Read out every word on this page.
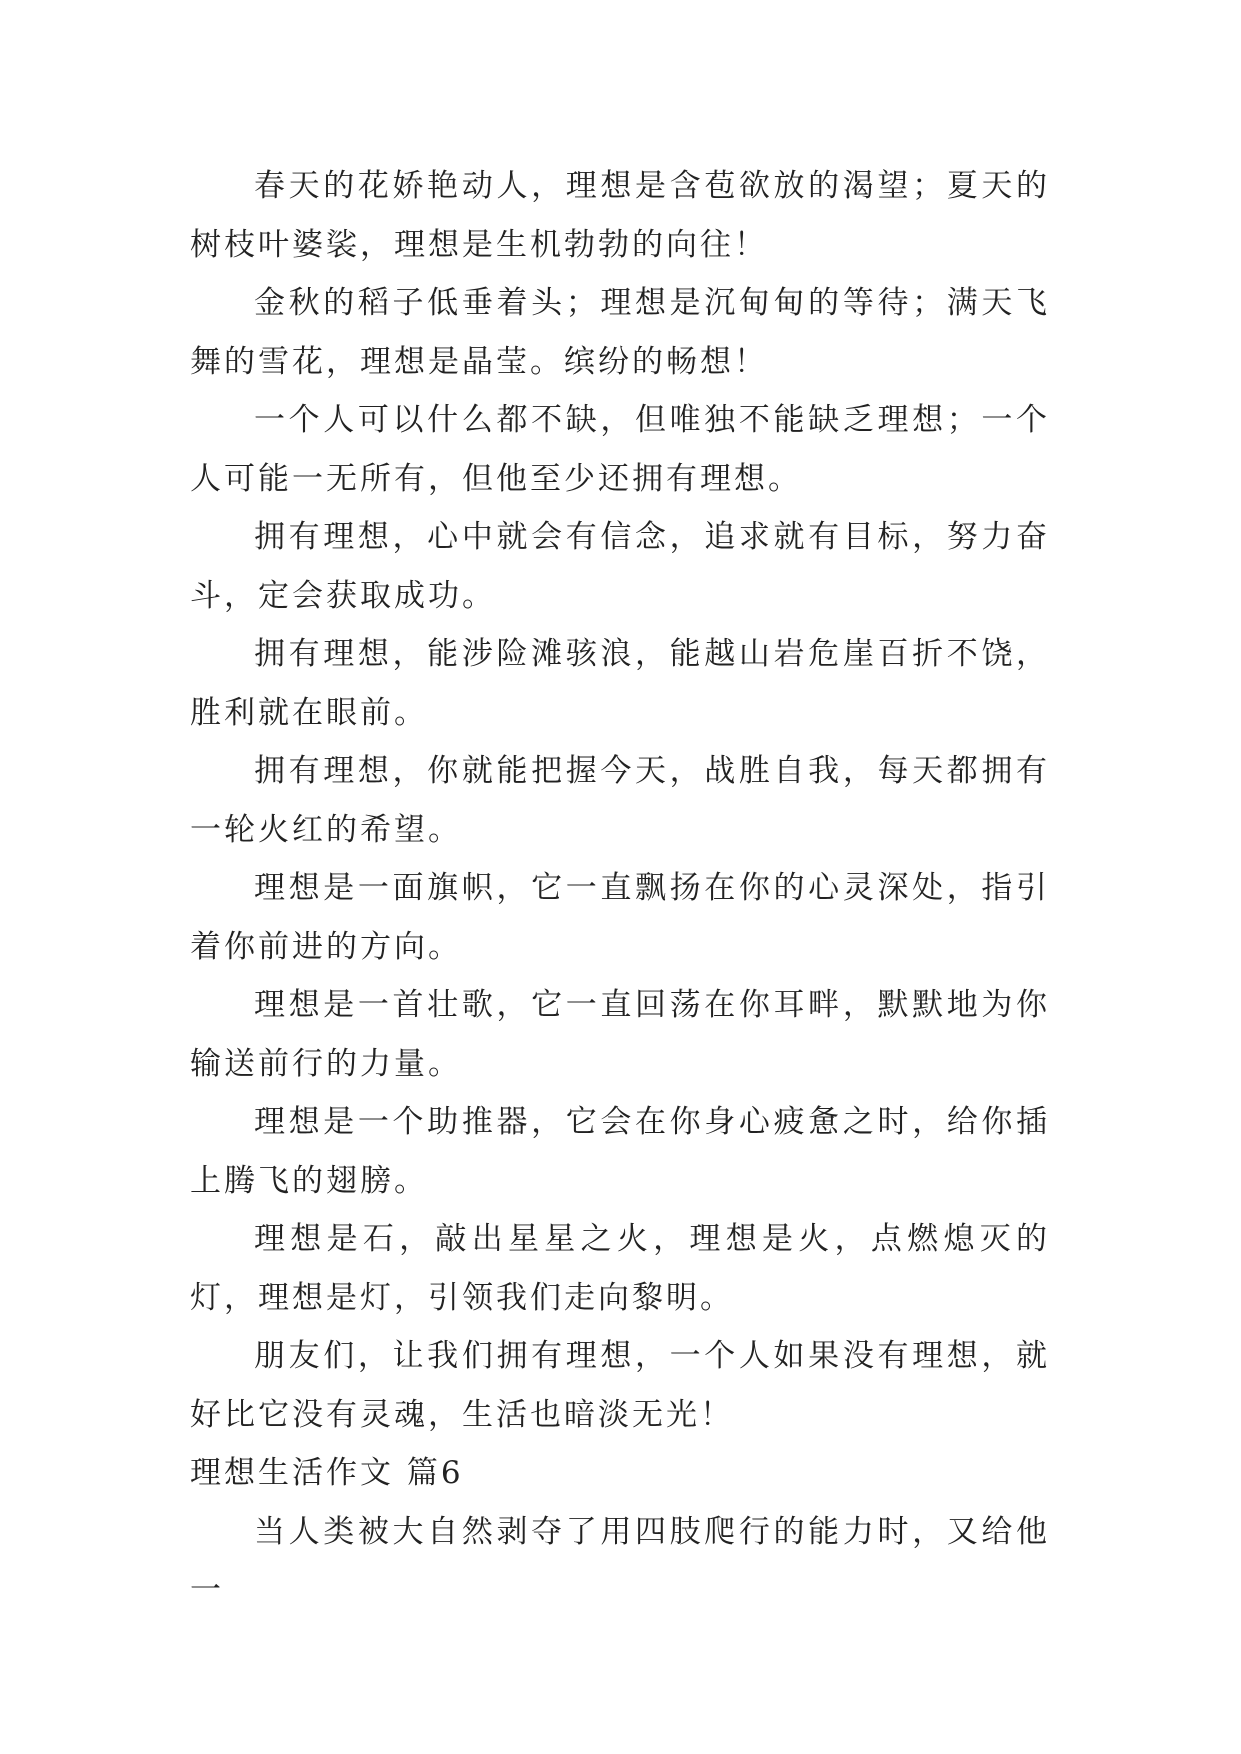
春天的花娇艳动人，理想是含苞欲放的渴望；夏天的树枝叶婆裟，理想是生机勃勃的向往！

金秋的稻子低垂着头；理想是沉甸甸的等待；满天飞舞的雪花，理想是晶莹。缤纷的畅想！

一个人可以什么都不缺，但唯独不能缺乏理想；一个人可能一无所有，但他至少还拥有理想。

拥有理想，心中就会有信念，追求就有目标，努力奋斗，定会获取成功。

拥有理想，能涉险滩骇浪，能越山岩危崖百折不饶，胜利就在眼前。

拥有理想，你就能把握今天，战胜自我，每天都拥有一轮火红的希望。

理想是一面旗帜，它一直飘扬在你的心灵深处，指引着你前进的方向。

理想是一首壮歌，它一直回荡在你耳畔，默默地为你输送前行的力量。

理想是一个助推器，它会在你身心疲惫之时，给你插上腾飞的翅膀。

理想是石，敲出星星之火，理想是火，点燃熄灭的灯，理想是灯，引领我们走向黎明。

朋友们，让我们拥有理想，一个人如果没有理想，就好比它没有灵魂，生活也暗淡无光！

理想生活作文 篇6

当人类被大自然剥夺了用四肢爬行的能力时，又给他一
